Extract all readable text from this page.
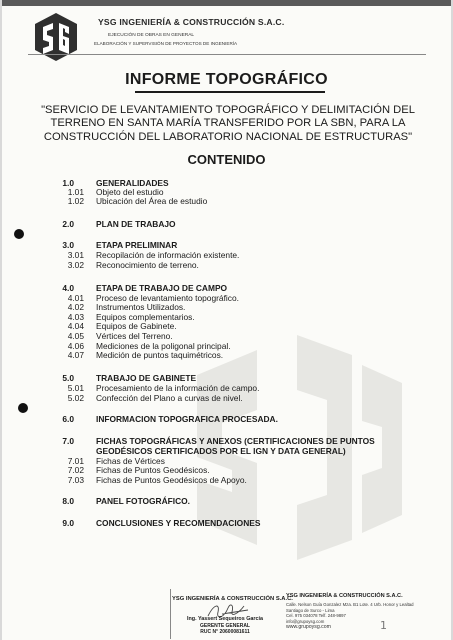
YSG INGENIERÍA & CONSTRUCCIÓN S.A.C.
EJECUCIÓN DE OBRAS EN GENERAL
ELABORACIÓN Y SUPERVISIÓN DE PROYECTOS DE INGENIERÍA
INFORME TOPOGRÁFICO
"SERVICIO DE LEVANTAMIENTO TOPOGRÁFICO Y DELIMITACIÓN DEL
TERRENO EN SANTA MARÍA TRANSFERIDO POR LA SBN, PARA LA
CONSTRUCCIÓN DEL LABORATORIO NACIONAL DE ESTRUCTURAS"
CONTENIDO
1.0	GENERALIDADES
1.01 Objeto del estudio
1.02 Ubicación del Área de estudio
2.0	PLAN DE TRABAJO
3.0	ETAPA PRELIMINAR
3.01 Recopilación de información existente.
3.02 Reconocimiento de terreno.
4.0	ETAPA DE TRABAJO DE CAMPO
4.01 Proceso de levantamiento topográfico.
4.02 Instrumentos Utilizados.
4.03 Equipos complementarios.
4.04 Equipos de Gabinete.
4.05 Vértices del Terreno.
4.06 Mediciones de la poligonal principal.
4.07 Medición de puntos taquimétricos.
5.0	TRABAJO DE GABINETE
5.01 Procesamiento de la información de campo.
5.02 Confección del Plano a curvas de nivel.
6.0	INFORMACION TOPOGRAFICA PROCESADA.
7.0	FICHAS TOPOGRÁFICAS Y ANEXOS (CERTIFICACIONES DE PUNTOS
GEODÉSICOS CERTIFICADOS POR EL IGN Y DATA GENERAL)
7.01 Fichas de Vértices
7.02 Fichas de Puntos Geodésicos.
7.03 Fichas de Puntos Geodésicos de Apoyo.
8.0	PANEL FOTOGRÁFICO.
9.0	CONCLUSIONES Y RECOMENDACIONES
YSG INGENIERÍA & CONSTRUCCIÓN S.A.C.
Ing. Yassert Sequeiros García
GERENTE GENERAL
RUC N° 20600081611
YSG INGENIERÍA & CONSTRUCCIÓN S.A.C.
Calle. Nelson Guía Gonzalez Mza. B1 Lote. 4 Urb. Honor y Lealtad
Santiago de Surco - Lima
Cel. 975 034078 Telf. 248-9897
info@grupoysg.com
www.grupoysg.com	1
